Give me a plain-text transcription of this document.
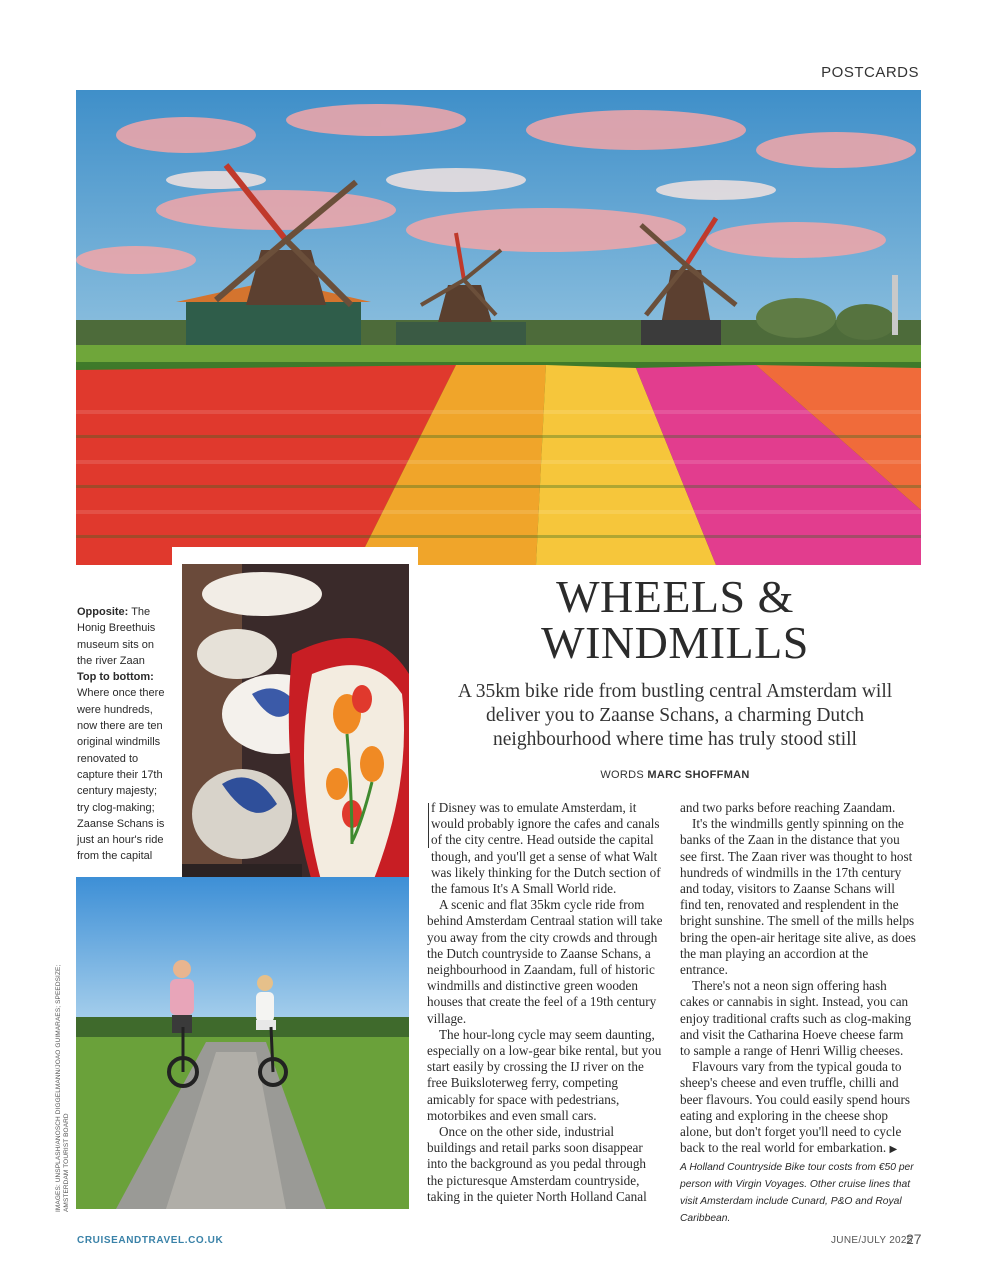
POSTCARDS
Opposite: The Honig Breethuis museum sits on the river Zaan
Top to bottom: Where once there were hundreds, now there are ten original windmills renovated to capture their 17th century majesty; try clog-making; Zaanse Schans is just an hour's ride from the capital
IMAGES: UNSPLASH/ANOSCH DIGGELMANN/JOAO GUIMARAES; SPEEDSIZE; AMSTERDAM TOURIST BOARD
WHEELS &
WINDMILLS
A 35km bike ride from bustling central Amsterdam will deliver you to Zaanse Schans, a charming Dutch neighbourhood where time has truly stood still
WORDS MARC SHOFFMAN

f Disney was to emulate Amsterdam, it would probably ignore the cafes and canals of the city centre. Head outside the capital though, and you'll get a sense of what Walt was likely thinking for the Dutch section of the famous It's A Small World ride.

A scenic and flat 35km cycle ride from behind Amsterdam Centraal station will take you away from the city crowds and through the Dutch countryside to Zaanse Schans, a neighbourhood in Zaandam, full of historic windmills and distinctive green wooden houses that create the feel of a 19th century village.

The hour-long cycle may seem daunting, especially on a low-gear bike rental, but you start easily by crossing the IJ river on the free Buiksloterweg ferry, competing amicably for space with pedestrians, motorbikes and even small cars.

Once on the other side, industrial buildings and retail parks soon disappear into the background as you pedal through the picturesque Amsterdam countryside, taking in the quieter North Holland Canal

and two parks before reaching Zaandam.

It's the windmills gently spinning on the banks of the Zaan in the distance that you see first. The Zaan river was thought to host hundreds of windmills in the 17th century and today, visitors to Zaanse Schans will find ten, renovated and resplendent in the bright sunshine. The smell of the mills helps bring the open-air heritage site alive, as does the man playing an accordion at the entrance.

There's not a neon sign offering hash cakes or cannabis in sight. Instead, you can enjoy traditional crafts such as clog-making and visit the Catharina Hoeve cheese farm to sample a range of Henri Willig cheeses.

Flavours vary from the typical gouda to sheep's cheese and even truffle, chilli and beer flavours. You could easily spend hours eating and exploring in the cheese shop alone, but don't forget you'll need to cycle back to the real world for embarkation. ▶

A Holland Countryside Bike tour costs from €50 per person with Virgin Voyages. Other cruise lines that visit Amsterdam include Cunard, P&O and Royal Caribbean.
CRUISEANDTRAVEL.CO.UK	JUNE/JULY 2025
27
